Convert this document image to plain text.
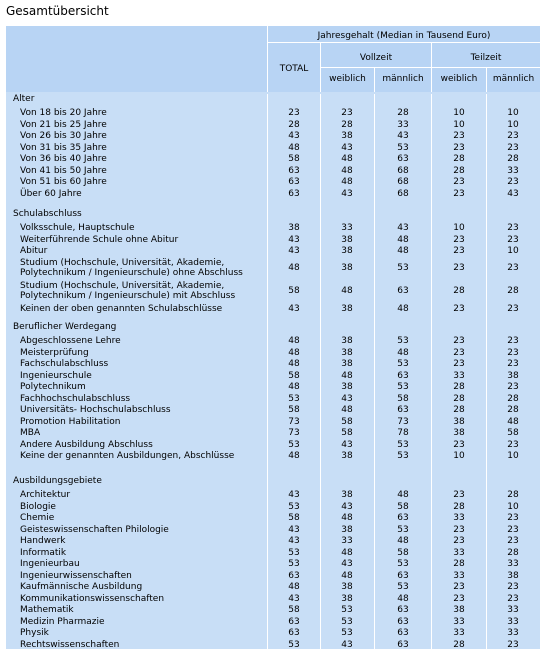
Gesamtübersicht
Jahresgehalt (Median in Tausend Euro)
TOTAL
Vollzeit	Teilzeit
weiblich	männlich	weiblich	männlich
Alter
Von 18 bis 20 Jahre	23	23	28	10	10
Von 21 bis 25 Jahre	28	28	33	10	10
Von 26 bis 30 Jahre	43	38	43	23	23
Von 31 bis 35 Jahre	48	43	53	23	23
Von 36 bis 40 Jahre	58	48	63	28	28
Von 41 bis 50 Jahre	63	48	68	28	33
Von 51 bis 60 Jahre	63	48	68	23	23
Über 60 Jahre	63	43	68	23	43
Schulabschluss
Volksschule, Hauptschule	38	33	43	10	23
Weiterführende Schule ohne Abitur	43	38	48	23	23
Abitur	43	38	48	23	10
Studium (Hochschule, Universität, Akademie,
Polytechnikum / Ingenieurschule) ohne Abschluss	48	38	53	23	23
Studium (Hochschule, Universität, Akademie,
Polytechnikum / Ingenieurschule) mit Abschluss	58	48	63	28	28
Keinen der oben genannten Schulabschlüsse	43	38	48	23	23
Beruflicher Werdegang
Abgeschlossene Lehre	48	38	53	23	23
Meisterprüfung	48	38	48	23	23
Fachschulabschluss	48	38	53	23	23
Ingenieurschule	58	48	63	33	38
Polytechnikum	48	38	53	28	23
Fachhochschulabschluss	53	43	58	28	28
Universitäts- Hochschulabschluss	58	48	63	28	28
Promotion Habilitation	73	58	73	38	48
MBA	73	58	78	38	58
Andere Ausbildung Abschluss	53	43	53	23	23
Keine der genannten Ausbildungen, Abschlüsse	48	38	53	10	10
Ausbildungsgebiete
Architektur	43	38	48	23	28
Biologie	53	43	58	28	10
Chemie	58	48	63	33	23
Geisteswissenschaften Philologie	43	38	53	23	23
Handwerk	43	33	48	23	23
Informatik	53	48	58	33	28
Ingenieurbau	53	43	53	28	33
Ingenieurwissenschaften	63	48	63	33	38
Kaufmännische Ausbildung	48	38	53	23	23
Kommunikationswissenschaften	43	38	48	23	23
Mathematik	58	53	63	38	33
Medizin Pharmazie	63	53	63	33	33
Physik	63	53	63	33	33
Rechtswissenschaften	53	43	63	28	23
